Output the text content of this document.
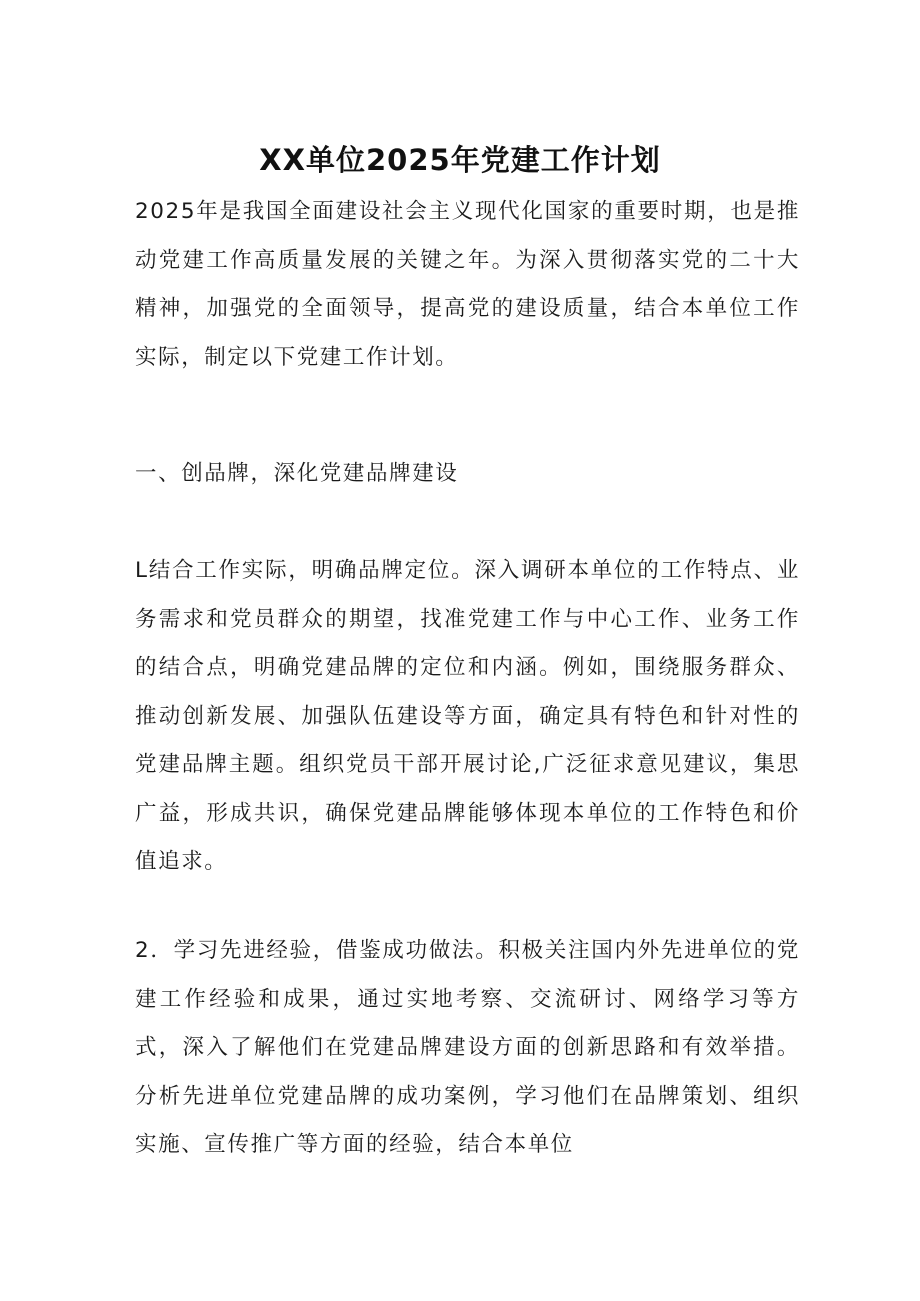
XX单位2025年党建工作计划

2025年是我国全面建设社会主义现代化国家的重要时期，也是推动党建工作高质量发展的关键之年。为深入贯彻落实党的二十大精神，加强党的全面领导，提高党的建设质量，结合本单位工作实际，制定以下党建工作计划。

一、创品牌，深化党建品牌建设

L结合工作实际，明确品牌定位。深入调研本单位的工作特点、业务需求和党员群众的期望，找准党建工作与中心工作、业务工作的结合点，明确党建品牌的定位和内涵。例如，围绕服务群众、推动创新发展、加强队伍建设等方面，确定具有特色和针对性的党建品牌主题。组织党员干部开展讨论,广泛征求意见建议，集思广益，形成共识，确保党建品牌能够体现本单位的工作特色和价值追求。

2．学习先进经验，借鉴成功做法。积极关注国内外先进单位的党建工作经验和成果，通过实地考察、交流研讨、网络学习等方式，深入了解他们在党建品牌建设方面的创新思路和有效举措。分析先进单位党建品牌的成功案例，学习他们在品牌策划、组织实施、宣传推广等方面的经验，结合本单位
